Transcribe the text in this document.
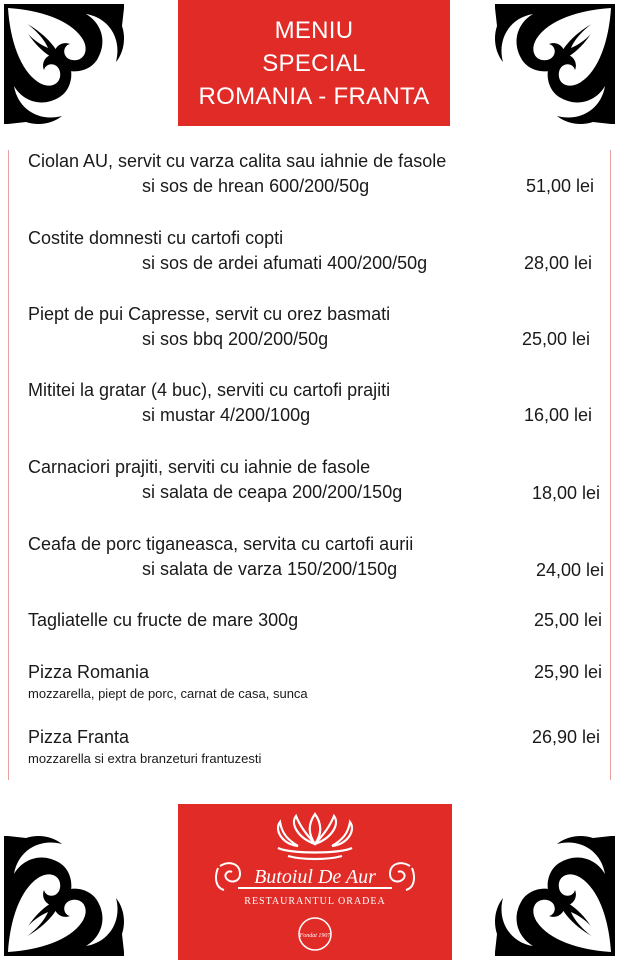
MENIU
SPECIAL
ROMANIA - FRANTA
Ciolan AU, servit cu varza calita sau iahnie de fasole
si sos de hrean 600/200/50g	51,00 lei
Costite domnesti cu cartofi copti
si sos de ardei afumati 400/200/50g	28,00 lei
Piept de pui Capresse, servit cu orez basmati
si sos bbq 200/200/50g	25,00 lei
Mititei la gratar (4 buc), serviti cu cartofi prajiti
si mustar 4/200/100g	16,00 lei
Carnaciori prajiti, serviti cu iahnie de fasole
si salata de ceapa 200/200/150g	18,00 lei
Ceafa de porc tiganeasca, servita cu cartofi aurii
si salata de varza 150/200/150g	24,00 lei
Tagliatelle cu fructe de mare 300g	25,00 lei
Pizza Romania
mozzarella, piept de porc, carnat de casa, sunca
25,90 lei
Pizza Franta
mozzarella si extra branzeturi frantuzesti
26,90 lei
Butoiul De Aur
RESTAURANTUL ORADEA
Fondat 1907
